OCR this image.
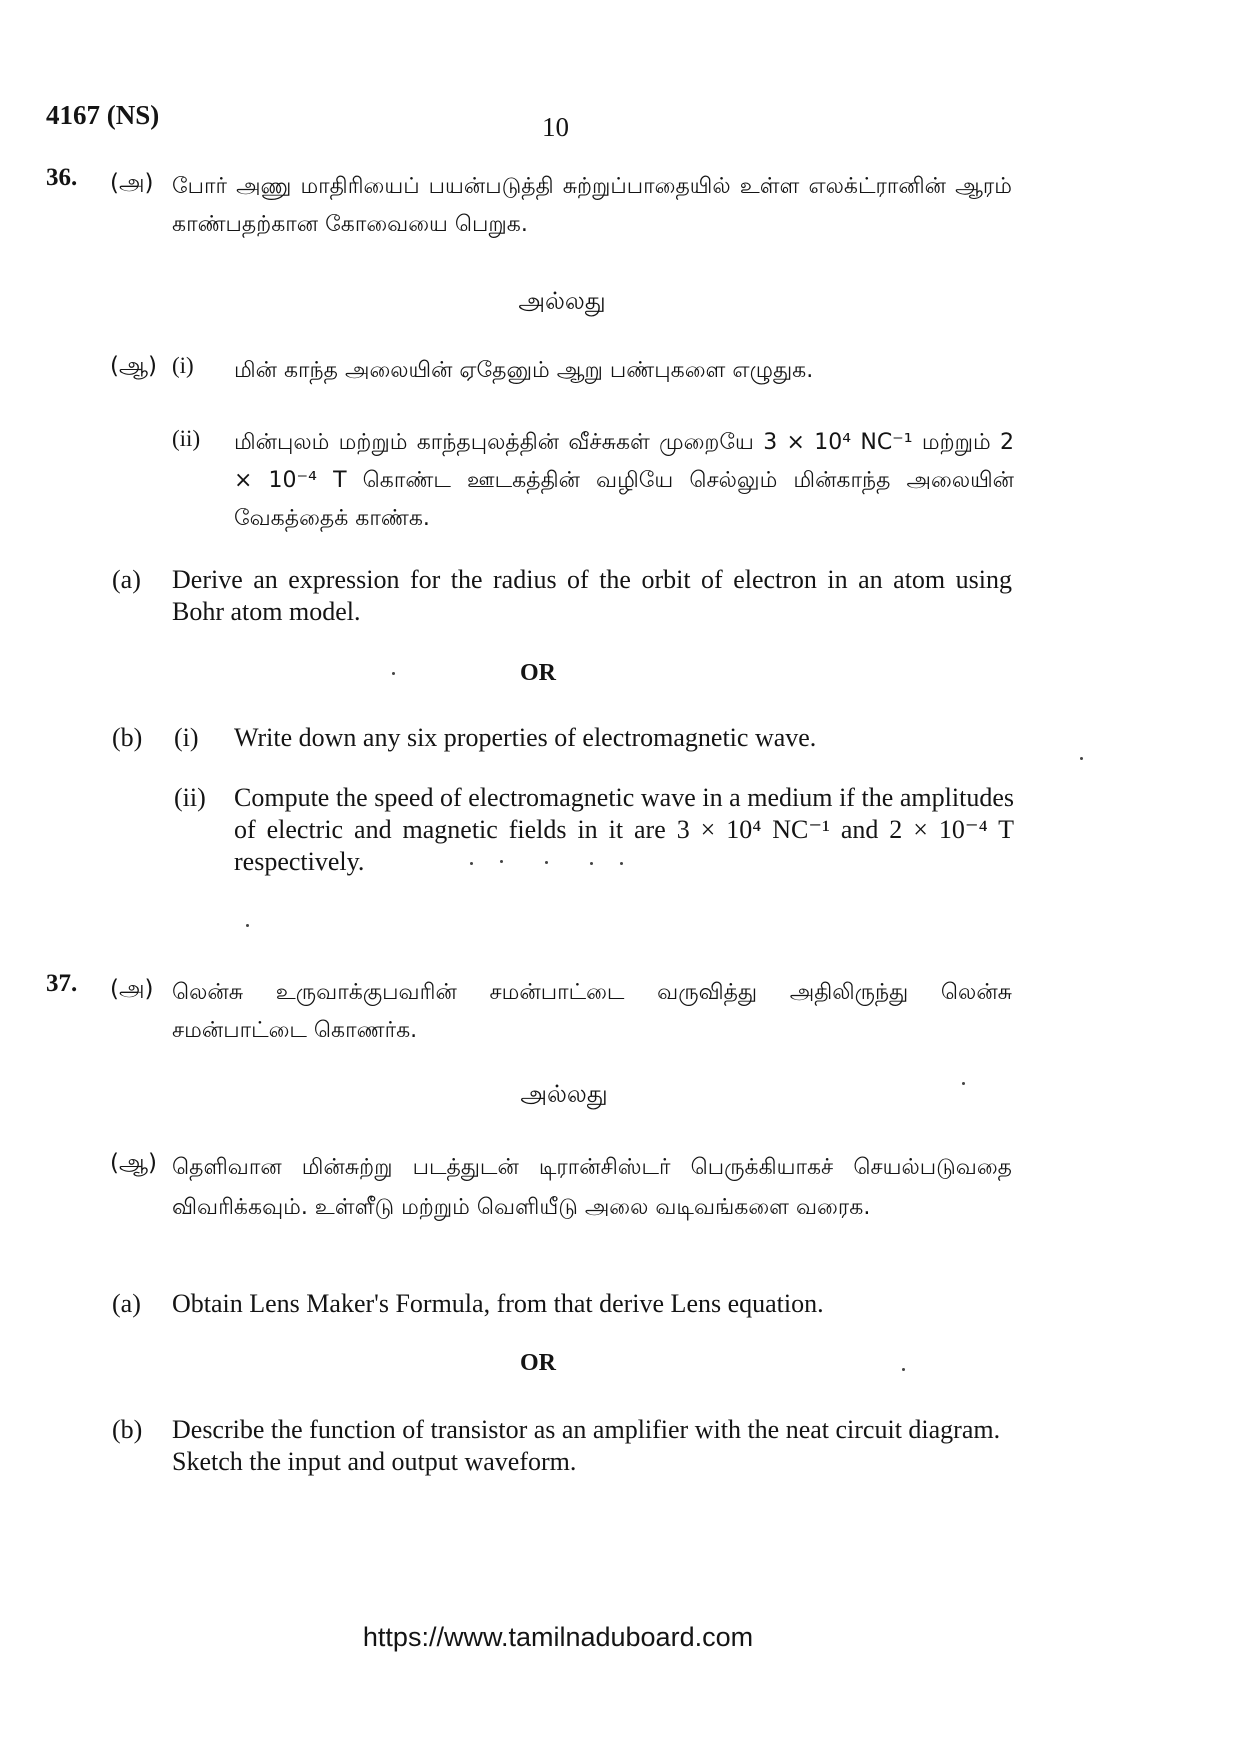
4167 (NS)	10
36. (அ) போர் அணு மாதிரியைப் பயன்படுத்தி சுற்றுப்பாதையில் உள்ள எலக்ட்ரானின் ஆரம் காண்பதற்கான கோவையை பெறுக.
அல்லது
(ஆ) (i) மின் காந்த அலையின் ஏதேனும் ஆறு பண்புகளை எழுதுக.
(ii) மின்புலம் மற்றும் காந்தபுலத்தின் வீச்சுகள் முறையே 3 × 10⁴ NC⁻¹ மற்றும் 2 × 10⁻⁴ T கொண்ட ஊடகத்தின் வழியே செல்லும் மின்காந்த அலையின் வேகத்தைக் காண்க.
(a) Derive an expression for the radius of the orbit of electron in an atom using Bohr atom model.
OR
(b) (i) Write down any six properties of electromagnetic wave.
(ii) Compute the speed of electromagnetic wave in a medium if the amplitudes of electric and magnetic fields in it are 3 × 10⁴ NC⁻¹ and 2 × 10⁻⁴ T respectively.
37. (அ) லென்சு உருவாக்குபவரின் சமன்பாட்டை வருவித்து அதிலிருந்து லென்சு சமன்பாட்டை கொணர்க.
அல்லது
(ஆ) தெளிவான மின்சுற்று படத்துடன் டிரான்சிஸ்டர் பெருக்கியாகச் செயல்படுவதை விவரிக்கவும். உள்ளீடு மற்றும் வெளியீடு அலை வடிவங்களை வரைக.
(a) Obtain Lens Maker's Formula, from that derive Lens equation.
OR
(b) Describe the function of transistor as an amplifier with the neat circuit diagram. Sketch the input and output waveform.
https://www.tamilnaduboard.com
